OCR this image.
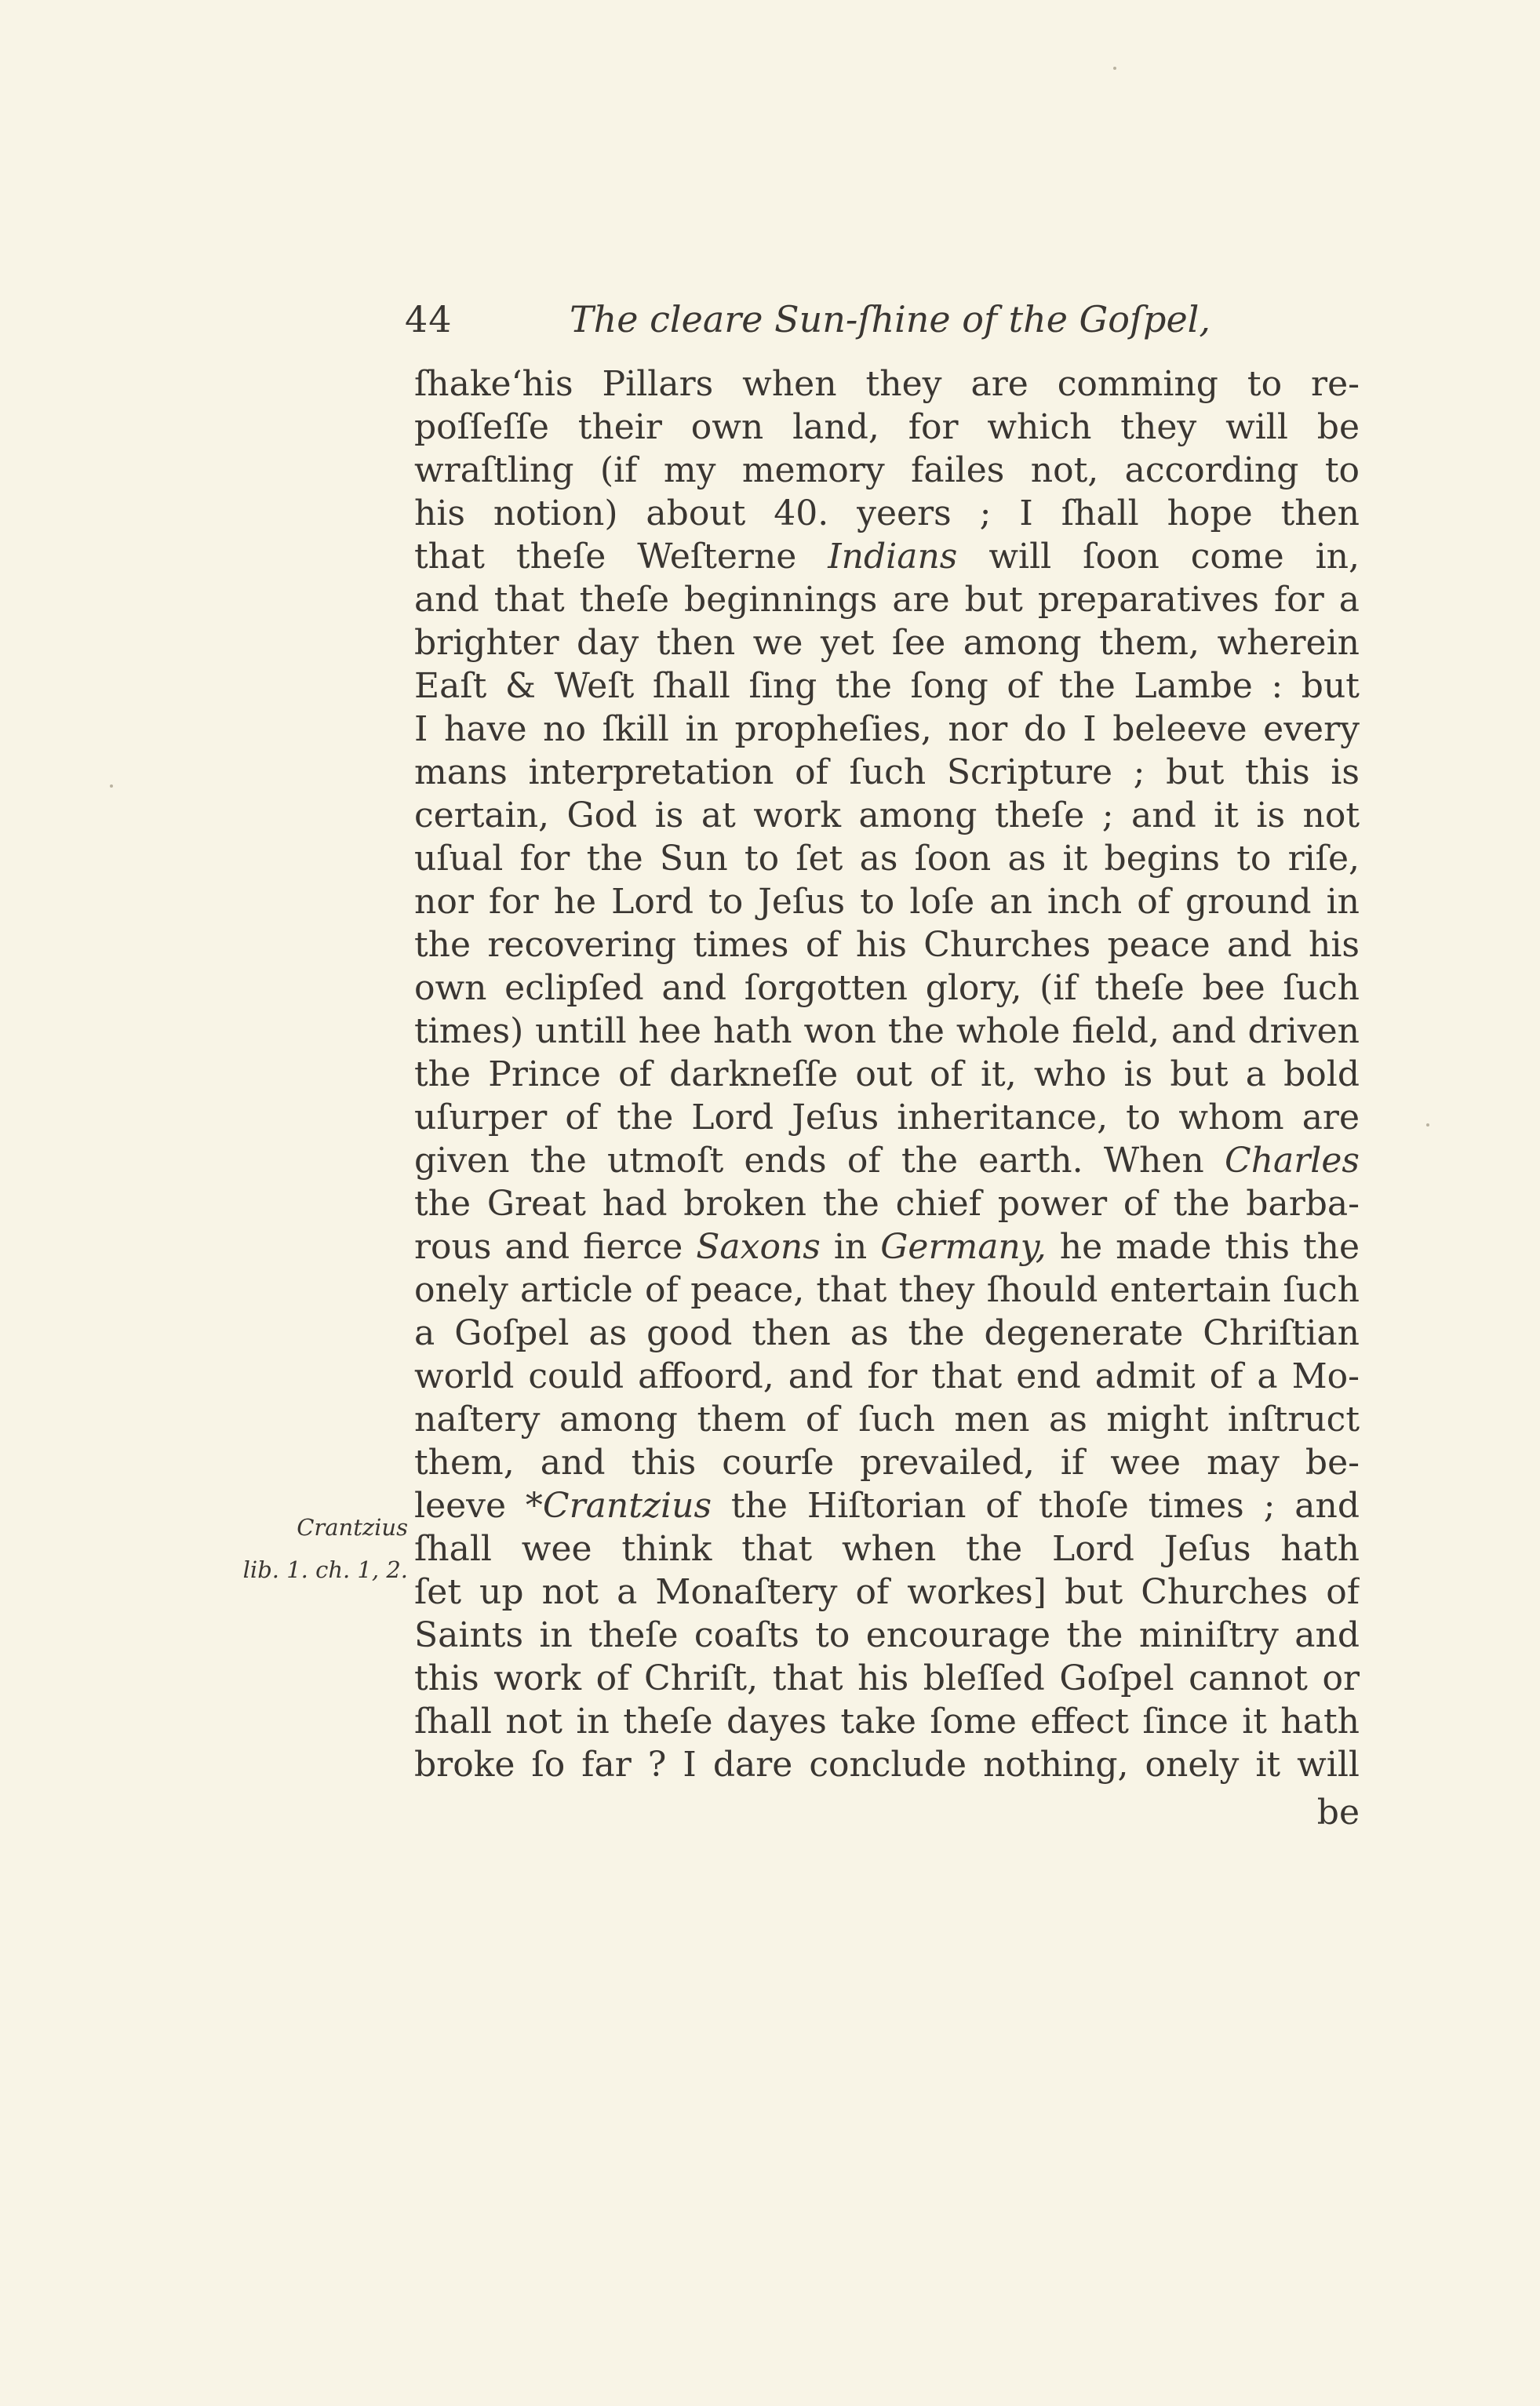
44	The cleare Sun-ſhine of the Goſpel,
Crantzius
lib. 1. ch. 1, 2.
ſhakeʻhis Pillars when they are comming to re-
poſſeſſe their own land, for which they will be
wraſtling (if my memory failes not, according to
his notion) about 40. yeers ; I ſhall hope then
that theſe Weſterne Indians will ſoon come in,
and that theſe beginnings are but preparatives for a
brighter day then we yet ſee among them, wherein
Eaſt & Weſt ſhall ſing the ſong of the Lambe : but
I have no ſkill in propheſies, nor do I beleeve every
mans interpretation of ſuch Scripture ; but this is
certain, God is at work among theſe ; and it is not
uſual for the Sun to ſet as ſoon as it begins to riſe,
nor for he Lord to Jeſus to loſe an inch of ground in
the recovering times of his Churches peace and his
own eclipſed and ſorgotten glory, (if theſe bee ſuch
times) untill hee hath won the whole field, and driven
the Prince of darkneſſe out of it, who is but a bold
uſurper of the Lord Jeſus inheritance, to whom are
given the utmoſt ends of the earth. When Charles
the Great had broken the chief power of the barba-
rous and fierce Saxons in Germany, he made this the
onely article of peace, that they ſhould entertain ſuch
a Goſpel as good then as the degenerate Chriſtian
world could affoord, and for that end admit of a Mo-
naſtery among them of ſuch men as might inſtruct
them, and this courſe prevailed, if wee may be-
leeve *Crantzius the Hiſtorian of thoſe times ; and
ſhall wee think that when the Lord Jeſus hath
ſet up not a Monaſtery of workes] but Churches of
Saints in theſe coaſts to encourage the miniſtry and
this work of Chriſt, that his bleſſed Goſpel cannot or
ſhall not in theſe dayes take ſome effect ſince it hath
broke ſo far ? I dare conclude nothing, onely it will
be
